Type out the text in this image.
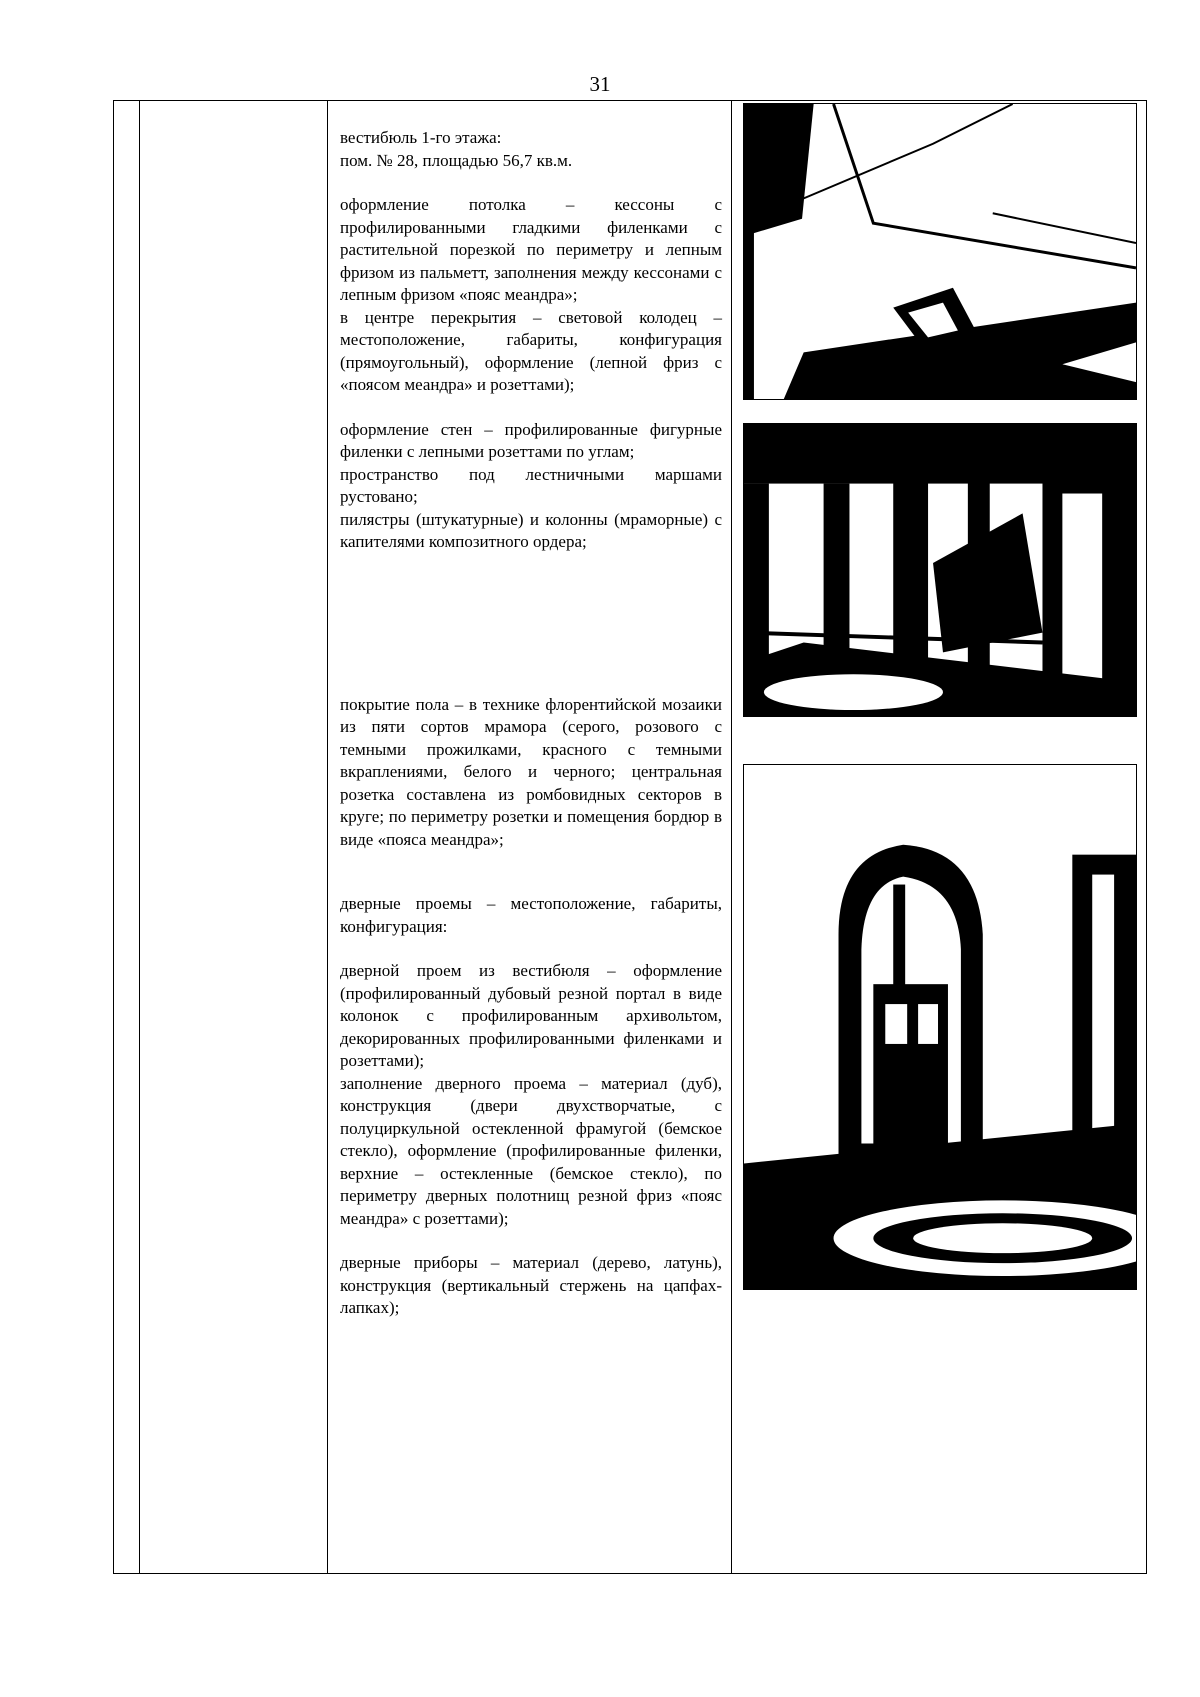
31

вестибюль 1-го этажа:

пом. № 28, площадью 56,7 кв.м.

оформление потолка – кессоны с профилированными гладкими филенками с растительной порезкой по периметру и лепным фризом из пальметт, заполнения между кессонами с лепным фризом «пояс меандра»;

в центре перекрытия – световой колодец – местоположение, габариты, конфигурация (прямоугольный), оформление (лепной фриз с «поясом меандра» и розеттами);

оформление стен – профилированные фигурные филенки с лепными розеттами по углам;

пространство под лестничными маршами рустовано;

пилястры (штукатурные) и колонны (мраморные) с капителями композитного ордера;

покрытие пола – в технике флорентийской мозаики из пяти сортов мрамора (серого, розового с темными прожилками, красного с темными вкраплениями, белого и черного; центральная розетка составлена из ромбовидных секторов в круге; по периметру розетки и помещения бордюр в виде «пояса меандра»;

дверные проемы – местоположение, габариты, конфигурация:

дверной проем из вестибюля – оформление (профилированный дубовый резной портал в виде колонок с профилированным архивольтом, декорированных профилированными филенками и розеттами);

заполнение дверного проема – материал (дуб), конструкция (двери двухстворчатые, с полуциркульной остекленной фрамугой (бемское стекло), оформление (профилированные филенки, верхние – остекленные (бемское стекло), по периметру дверных полотнищ резной фриз «пояс меандра» с розеттами);

дверные приборы – материал (дерево, латунь), конструкция (вертикальный стержень на цапфах-лапках);
